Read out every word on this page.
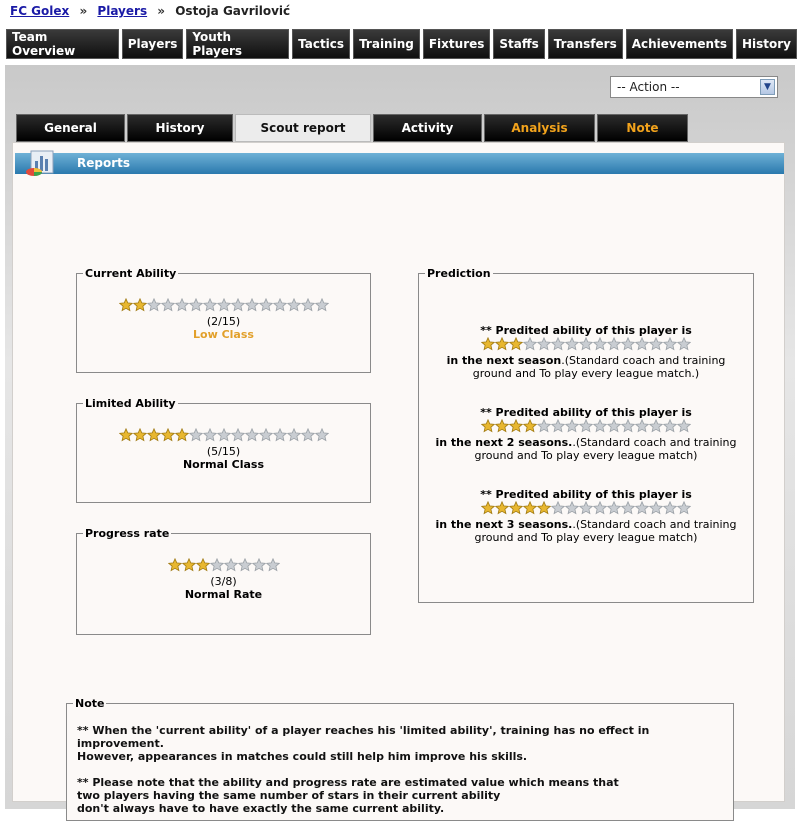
FC Golex » Players » Ostoja Gavrilović
Team Overview	Players	Youth Players	Tactics	Training	Fixtures	Staffs	Transfers	Achievements	History
-- Action --	▼
General	History	Scout report	Activity	Analysis	Note
Reports
Current Ability
(2/15)
Low Class
Limited Ability
(5/15)
Normal Class
Progress rate
(3/8)
Normal Rate
Prediction
** Predited ability of this player is
in the next season.(Standard coach and training
ground and To play every league match.)
** Predited ability of this player is
in the next 2 seasons..(Standard coach and training
ground and To play every league match)
** Predited ability of this player is
in the next 3 seasons..(Standard coach and training
ground and To play every league match)
Note
** When the 'current ability' of a player reaches his 'limited ability', training has no effect in improvement.
However, appearances in matches could still help him improve his skills.
** Please note that the ability and progress rate are estimated value which means that
two players having the same number of stars in their current ability
don't always have to have exactly the same current ability.
